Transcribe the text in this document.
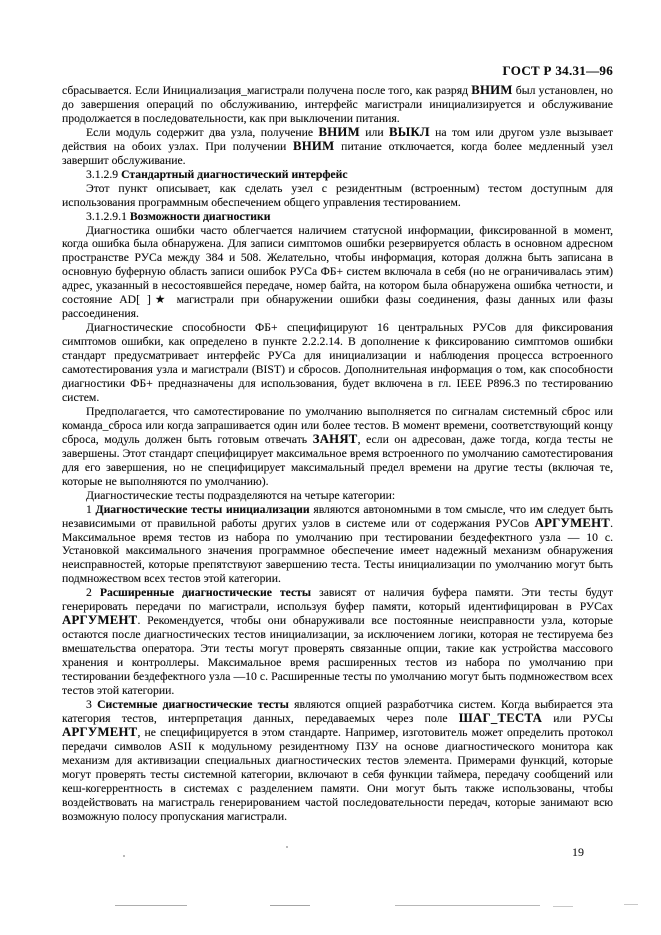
ГОСТ Р 34.31—96

сбрасывается. Если Инициализация_магистрали получена после того, как разряд ВНИМ был установлен, но до завершения операций по обслуживанию, интерфейс магистрали инициализируется и обслуживание продолжается в последовательности, как при выключении питания.

Если модуль содержит два узла, получение ВНИМ или ВЫКЛ на том или другом узле вызывает действия на обоих узлах. При получении ВНИМ питание отключается, когда более медленный узел завершит обслуживание.

3.1.2.9 Стандартный диагностический интерфейс

Этот пункт описывает, как сделать узел с резидентным (встроенным) тестом доступным для использования программным обеспечением общего управления тестированием.

3.1.2.9.1 Возможности диагностики

Диагностика ошибки часто облегчается наличием статусной информации, фиксированной в момент, когда ошибка была обнаружена. Для записи симптомов ошибки резервируется область в основном адресном пространстве РУСа между 384 и 508. Желательно, чтобы информация, которая должна быть записана в основную буферную область записи ошибок РУСа ФБ+ систем включала в себя (но не ограничивалась этим) адрес, указанный в несостоявшейся передаче, номер байта, на котором была обнаружена ошибка четности, и состояние AD[ ]★ магистрали при обнаружении ошибки фазы соединения, фазы данных или фазы рассоединения.

Диагностические способности ФБ+ специфицируют 16 центральных РУСов для фиксирования симптомов ошибки, как определено в пункте 2.2.2.14. В дополнение к фиксированию симптомов ошибки стандарт предусматривает интерфейс РУСа для инициализации и наблюдения процесса встроенного самотестирования узла и магистрали (BIST) и сбросов. Дополнительная информация о том, как способности диагностики ФБ+ предназначены для использования, будет включена в гл. IEEE P896.3 по тестированию систем.

Предполагается, что самотестирование по умолчанию выполняется по сигналам системный сброс или команда_сброса или когда запрашивается один или более тестов. В момент времени, соответствующий концу сброса, модуль должен быть готовым отвечать ЗАНЯТ, если он адресован, даже тогда, когда тесты не завершены. Этот стандарт специфицирует максимальное время встроенного по умолчанию самотестирования для его завершения, но не специфицирует максимальный предел времени на другие тесты (включая те, которые не выполняются по умолчанию).

Диагностические тесты подразделяются на четыре категории:

1 Диагностические тесты инициализации являются автономными в том смысле, что им следует быть независимыми от правильной работы других узлов в системе или от содержания РУСов АРГУМЕНТ. Максимальное время тестов из набора по умолчанию при тестировании бездефектного узла — 10 с. Установкой максимального значения программное обеспечение имеет надежный механизм обнаружения неисправностей, которые препятствуют завершению теста. Тесты инициализации по умолчанию могут быть подмножеством всех тестов этой категории.

2 Расширенные диагностические тесты зависят от наличия буфера памяти. Эти тесты будут генерировать передачи по магистрали, используя буфер памяти, который идентифицирован в РУСах АРГУМЕНТ. Рекомендуется, чтобы они обнаруживали все постоянные неисправности узла, которые остаются после диагностических тестов инициализации, за исключением логики, которая не тестируема без вмешательства оператора. Эти тесты могут проверять связанные опции, такие как устройства массового хранения и контроллеры. Максимальное время расширенных тестов из набора по умолчанию при тестировании бездефектного узла —10 с. Расширенные тесты по умолчанию могут быть подмножеством всех тестов этой категории.

3 Системные диагностические тесты являются опцией разработчика систем. Когда выбирается эта категория тестов, интерпретация данных, передаваемых через поле ШАГ_ТЕСТА или РУСы АРГУМЕНТ, не специфицируется в этом стандарте. Например, изготовитель может определить протокол передачи символов ASII к модульному резидентному ПЗУ на основе диагностического монитора как механизм для активизации специальных диагностических тестов элемента. Примерами функций, которые могут проверять тесты системной категории, включают в себя функции таймера, передачу сообщений или кеш-когеррентность в системах с разделением памяти. Они могут быть также использованы, чтобы воздействовать на магистраль генерированием частой последовательности передач, которые занимают всю возможную полосу пропускания магистрали.

19
